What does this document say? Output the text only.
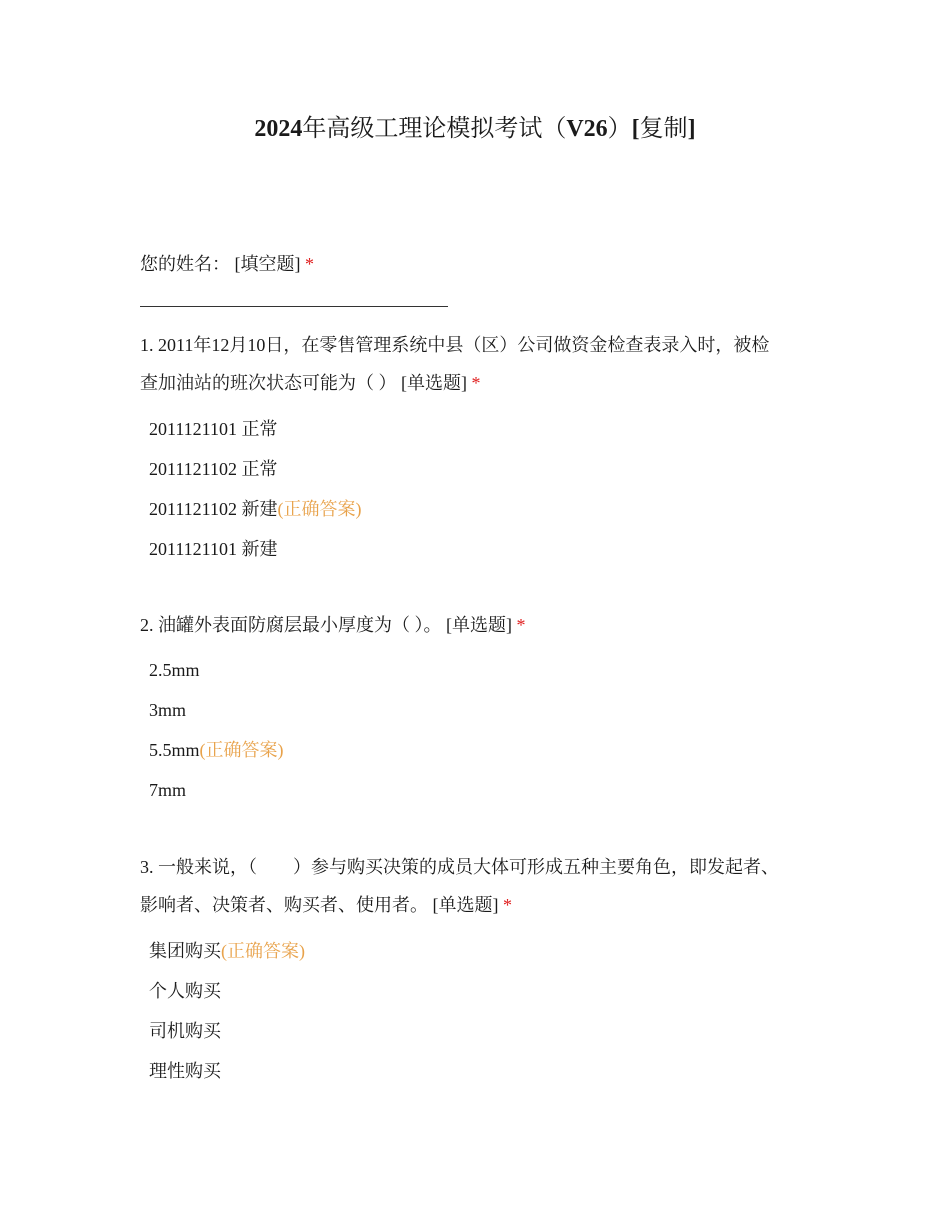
2024年高级工理论模拟考试（V26）[复制]
您的姓名： [填空题] *
1. 2011年12月10日，在零售管理系统中县（区）公司做资金检查表录入时，被检
查加油站的班次状态可能为（ ） [单选题] *
2011121101 正常
2011121102 正常
2011121102 新建(正确答案)
2011121101 新建
2. 油罐外表面防腐层最小厚度为（ ）。 [单选题] *
2.5mm
3mm
5.5mm(正确答案)
7mm
3. 一般来说，（　　）参与购买决策的成员大体可形成五种主要角色，即发起者、
影响者、决策者、购买者、使用者。 [单选题] *
集团购买(正确答案)
个人购买
司机购买
理性购买
